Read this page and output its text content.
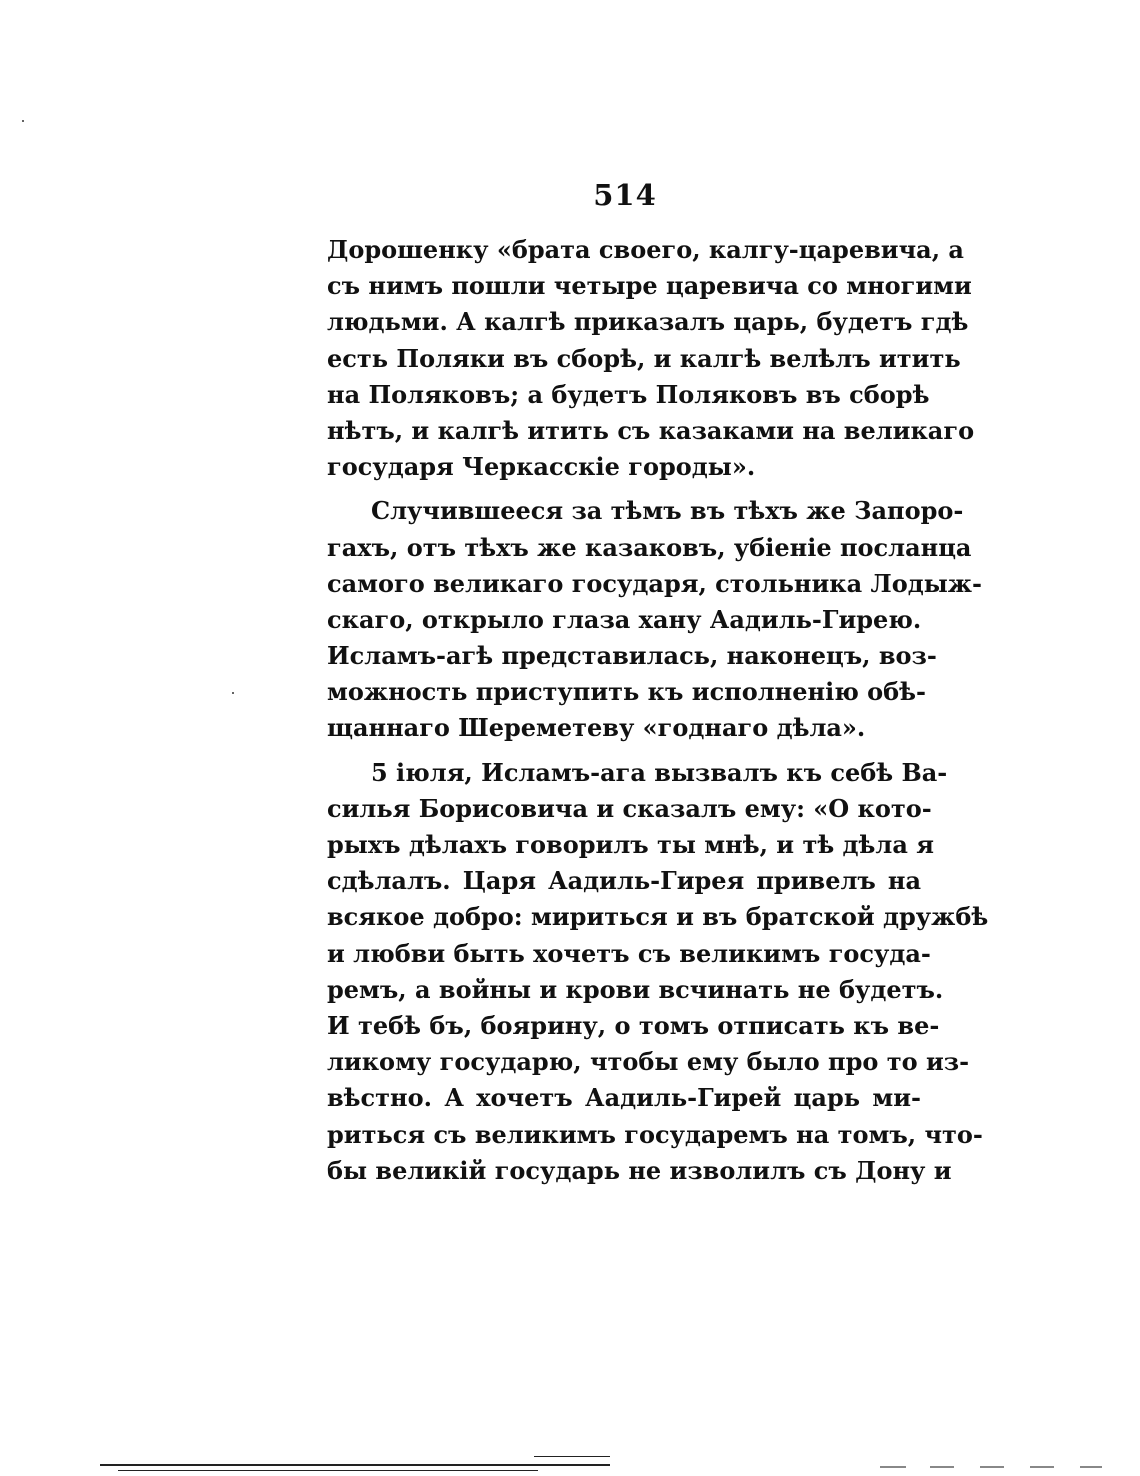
514
Дорошенку «брата своего, калгу-царевича, а
съ нимъ пошли четыре царевича со многими
людьми. А калгѣ приказалъ царь, будетъ гдѣ
есть Поляки въ сборѣ, и калгѣ велѣлъ итить
на Поляковъ; а будетъ Поляковъ въ сборѣ
нѣтъ, и калгѣ итить съ казаками на великаго
государя Черкасскіе городы».
Случившееся за тѣмъ въ тѣхъ же Запоро-
гахъ, отъ тѣхъ же казаковъ, убіеніе посланца
самого великаго государя, стольника Лодыж-
скаго, открыло глаза хану Аадиль-Гирею.
Исламъ-агѣ представилась, наконецъ, воз-
можность приступить къ исполненію обѣ-
щаннаго Шереметеву «годнаго дѣла».
5 іюля, Исламъ-ага вызвалъ къ себѣ Ва-
силья Борисовича и сказалъ ему: «О кото-
рыхъ дѣлахъ говорилъ ты мнѣ, и тѣ дѣла я
сдѣлалъ. Царя Аадиль-Гирея привелъ на
всякое добро: мириться и въ братской дружбѣ
и любви быть хочетъ съ великимъ госуда-
ремъ, а войны и крови всчинать не будетъ.
И тебѣ бъ, боярину, о томъ отписать къ ве-
ликому государю, чтобы ему было про то из-
вѣстно. А хочетъ Аадиль-Гирей царь ми-
риться съ великимъ государемъ на томъ, что-
бы великій государь не изволилъ съ Дону и
